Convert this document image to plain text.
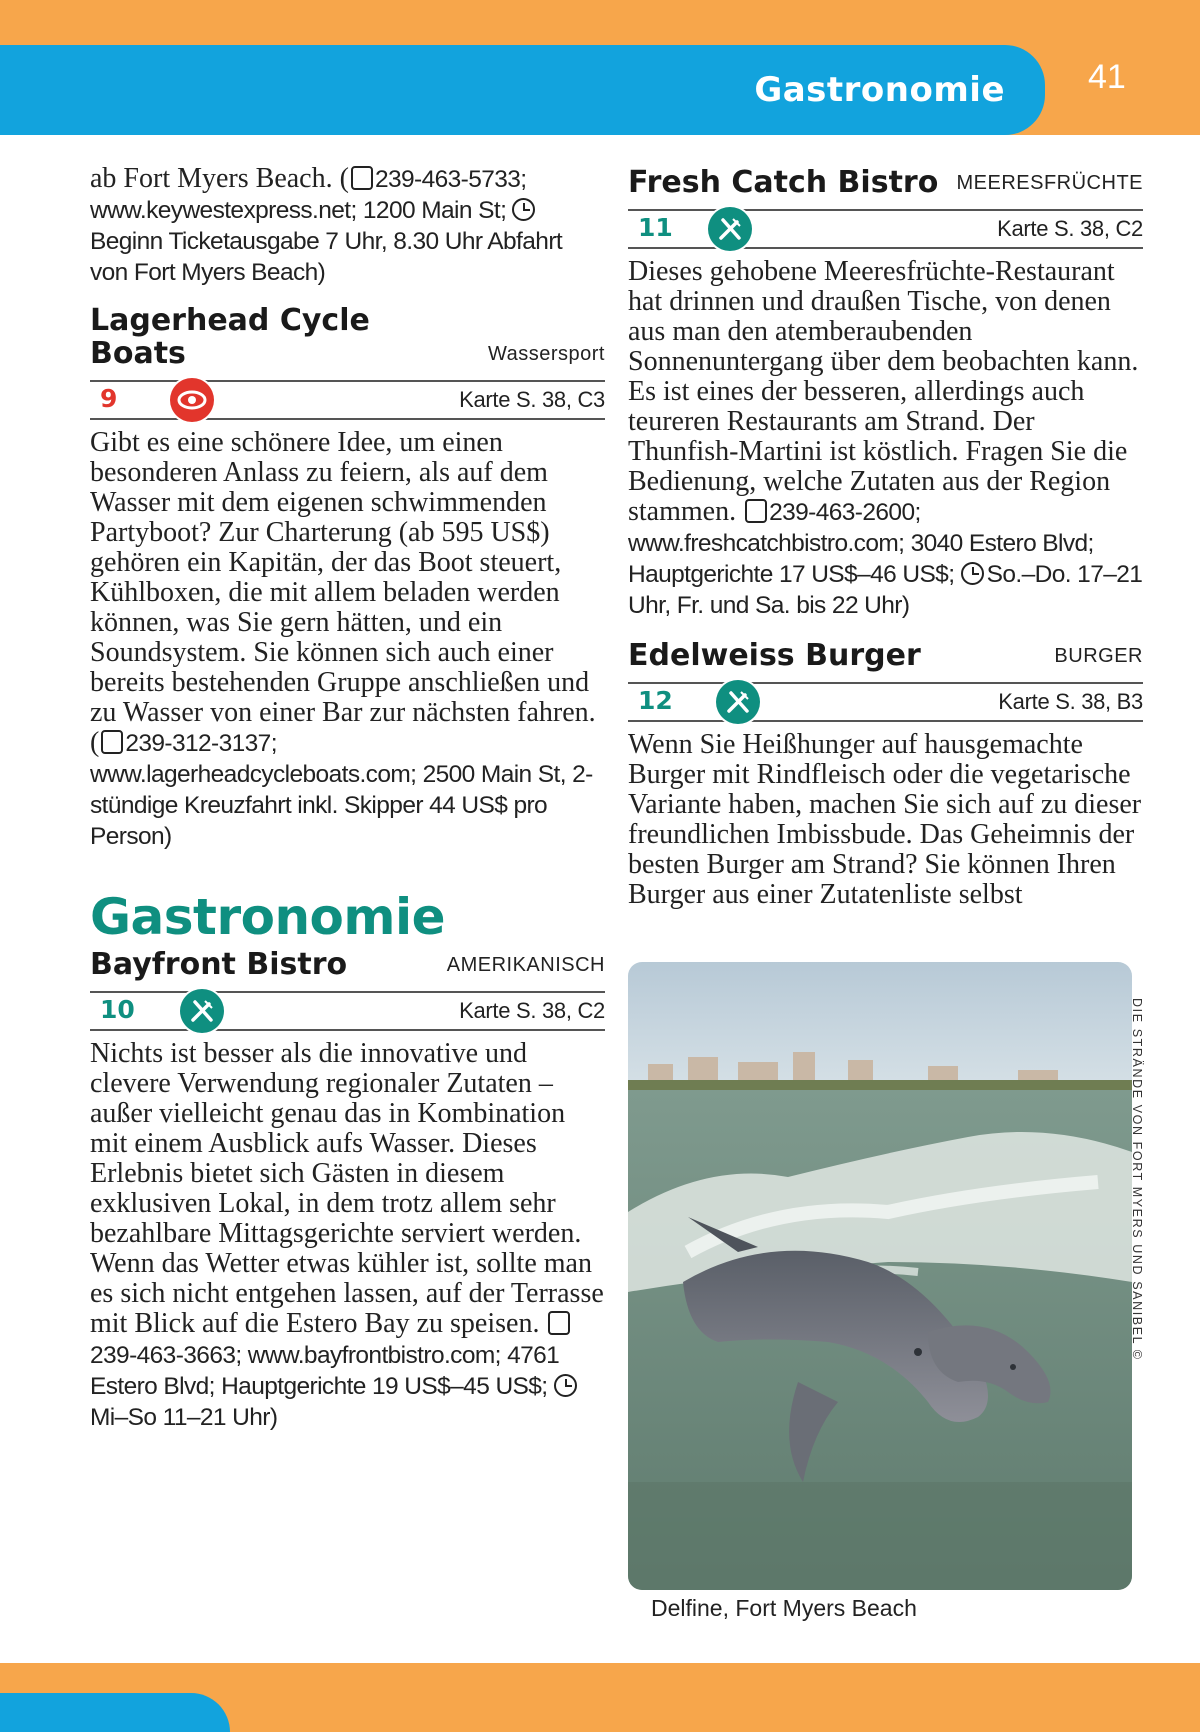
Gastronomie 41

ab Fort Myers Beach. ( 239-463-5733; www.keywestexpress.net; 1200 Main St; Beginn Ticketausgabe 7 Uhr, 8.30 Uhr Abfahrt von Fort Myers Beach)

Lagerhead Cycle
Boats	Wassersport
9	Karte S. 38, C3

Gibt es eine schönere Idee, um einen besonderen Anlass zu feiern, als auf dem Wasser mit dem eigenen schwimmenden Partyboot? Zur Charterung (ab 595 US$) gehören ein Kapitän, der das Boot steuert, Kühlboxen, die mit allem beladen werden können, was Sie gern hätten, und ein Soundsystem. Sie können sich auch einer bereits bestehenden Gruppe anschließen und zu Wasser von einer Bar zur nächsten fahren. ( 239-312-3137; www.lagerheadcycleboats.com; 2500 Main St, 2-stündige Kreuzfahrt inkl. Skipper 44 US$ pro Person)

Gastronomie
Bayfront Bistro	AMERIKANISCH
10	Karte S. 38, C2

Nichts ist besser als die innovative und clevere Verwendung regionaler Zutaten – außer vielleicht genau das in Kombination mit einem Ausblick aufs Wasser. Dieses Erlebnis bietet sich Gästen in diesem exklusiven Lokal, in dem trotz allem sehr bezahlbare Mittagsgerichte serviert werden. Wenn das Wetter etwas kühler ist, sollte man es sich nicht entgehen lassen, auf der Terrasse mit Blick auf die Estero Bay zu speisen. 239-463-3663; www.bayfrontbistro.com; 4761 Estero Blvd; Hauptgerichte 19 US$–45 US$; Mi–So 11–21 Uhr)

Fresh Catch Bistro MEERESFRÜCHTE
11	Karte S. 38, C2

Dieses gehobene Meeresfrüchte-Restaurant hat drinnen und draußen Tische, von denen aus man den atemberaubenden Sonnenuntergang über dem beobachten kann. Es ist eines der besseren, allerdings auch teureren Restaurants am Strand. Der Thunfish-Martini ist köstlich. Fragen Sie die Bedienung, welche Zutaten aus der Region stammen. 239-463-2600; www.freshcatchbistro.com; 3040 Estero Blvd; Hauptgerichte 17 US$–46 US$; So.–Do. 17–21 Uhr, Fr. und Sa. bis 22 Uhr)

Edelweiss Burger	BURGER
12	Karte S. 38, B3

Wenn Sie Heißhunger auf hausgemachte Burger mit Rindfleisch oder die vegetarische Variante haben, machen Sie sich auf zu dieser freundlichen Imbissbude. Das Geheimnis der besten Burger am Strand? Sie können Ihren Burger aus einer Zutatenliste selbst

Delfine, Fort Myers Beach
DIE STRÄNDE VON FORT MYERS UND SANIBEL ©
